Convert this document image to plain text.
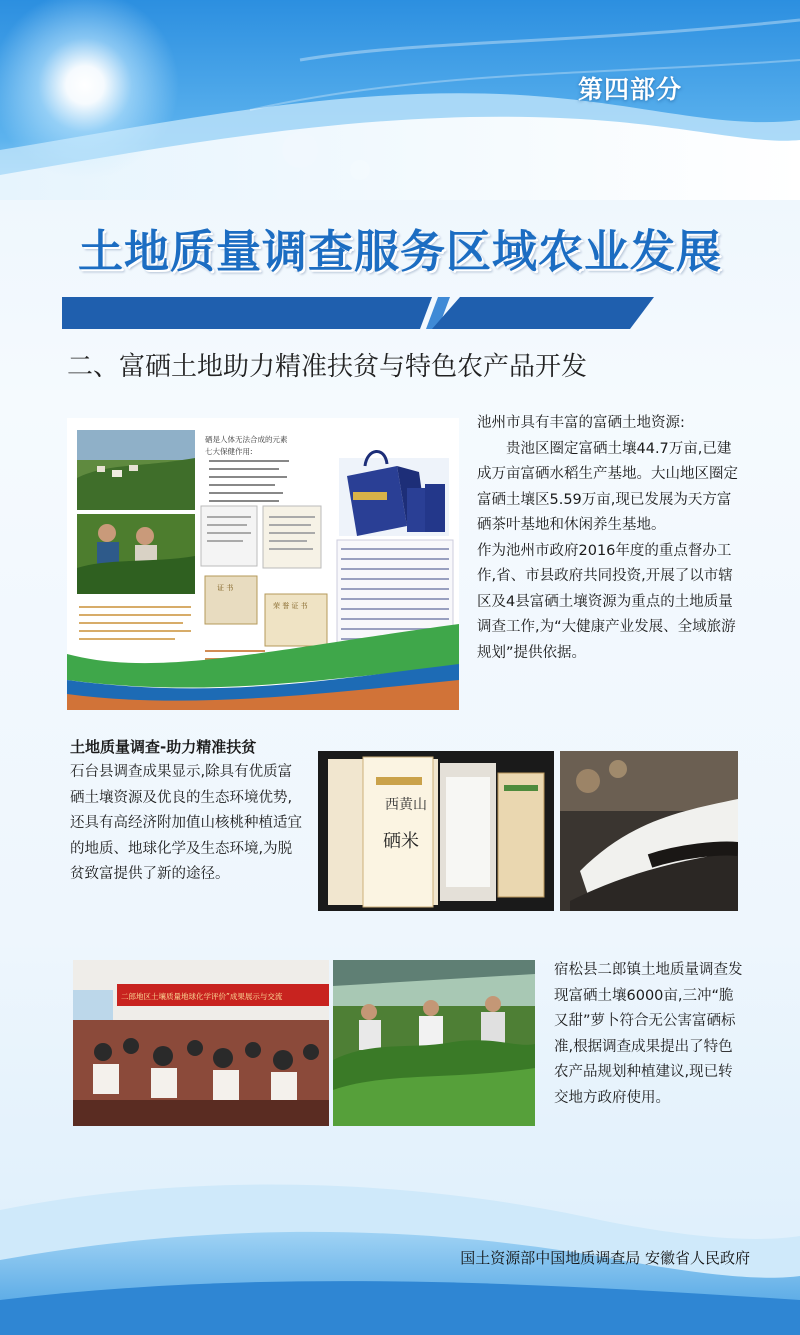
第四部分
土地质量调查服务区域农业发展
二、富硒土地助力精准扶贫与特色农产品开发
硒是人体无法合成的元素
七大保健作用:
证 书
荣 誉 证 书

池州市具有丰富的富硒土地资源:

贵池区圈定富硒土壤44.7万亩,已建成万亩富硒水稻生产基地。大山地区圈定富硒土壤区5.59万亩,现已发展为天方富硒茶叶基地和休闲养生基地。

作为池州市政府2016年度的重点督办工作,省、市县政府共同投资,开展了以市辖区及4县富硒土壤资源为重点的土地质量调查工作,为“大健康产业发展、全域旅游规划”提供依据。

土地质量调查-助力精准扶贫

石台县调查成果显示,除具有优质富硒土壤资源及优良的生态环境优势,还具有高经济附加值山核桃种植适宜的地质、地球化学及生态环境,为脱贫致富提供了新的途径。

西黄山
硒米
二郎地区土壤质量地球化学评价”成果展示与交流

宿松县二郎镇土地质量调查发现富硒土壤6000亩,三冲“脆又甜”萝卜符合无公害富硒标准,根据调查成果提出了特色农产品规划种植建议,现已转交地方政府使用。

国土资源部中国地质调查局 安徽省人民政府
